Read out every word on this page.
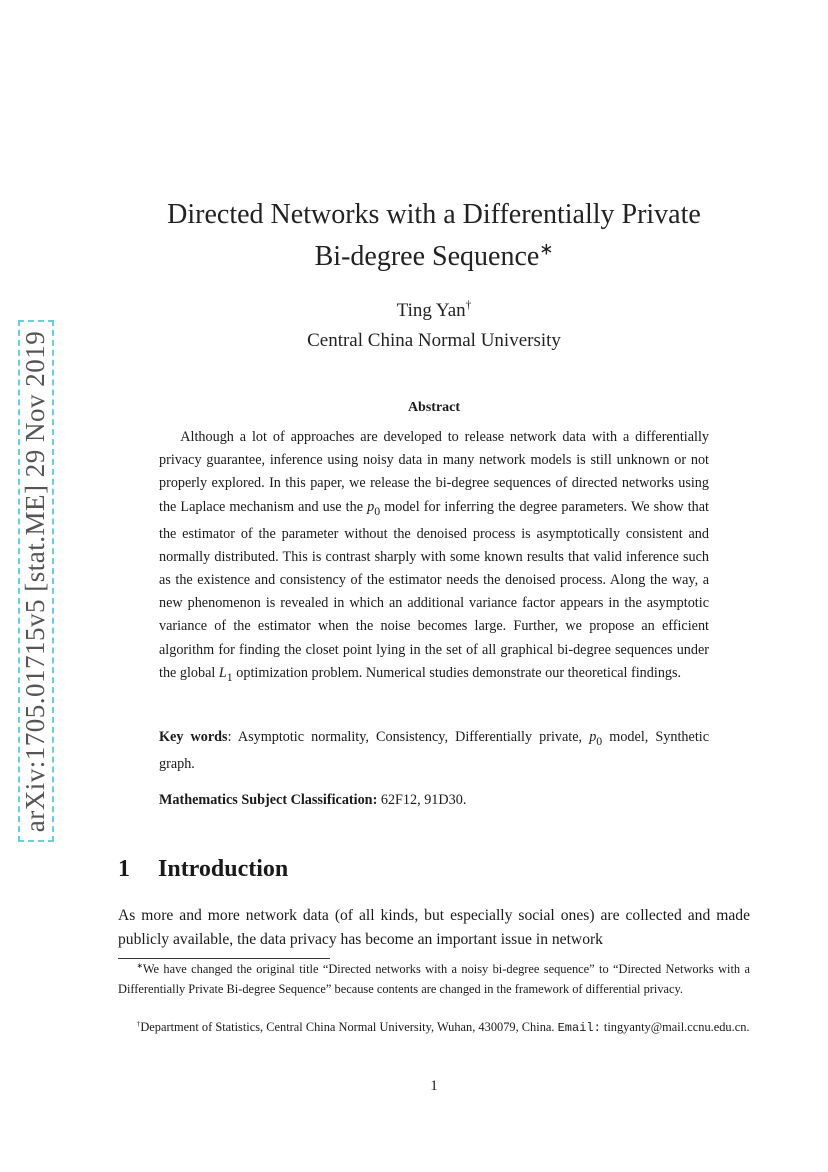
arXiv:1705.01715v5 [stat.ME] 29 Nov 2019
Directed Networks with a Differentially Private
Bi-degree Sequence∗
Ting Yan†
Central China Normal University
Abstract

  Although a lot of approaches are developed to release network data with a differentially privacy guarantee, inference using noisy data in many network models is still unknown or not properly explored. In this paper, we release the bi-degree sequences of directed networks using the Laplace mechanism and use the $p_0$ model for inferring the degree parameters. We show that the estimator of the parameter without the denoised process is asymptotically consistent and normally distributed. This is contrast sharply with some known results that valid inference such as the existence and consistency of the estimator needs the denoised process. Along the way, a new phenomenon is revealed in which an additional variance factor appears in the asymptotic variance of the estimator when the noise becomes large. Further, we propose an efficient algorithm for finding the closet point lying in the set of all graphical bi-degree sequences under the global $L_1$ optimization problem. Numerical studies demonstrate our theoretical findings.

Key words: Asymptotic normality, Consistency, Differentially private, $p_0$ model, Synthetic graph.

Mathematics Subject Classification: 62F12, 91D30.

1 Introduction

As more and more network data (of all kinds, but especially social ones) are collected and made publicly available, the data privacy has become an important issue in network

  ∗We have changed the original title “Directed networks with a noisy bi-degree sequence” to “Directed Networks with a Differentially Private Bi-degree Sequence” because contents are changed in the framework of differential privacy.

  †Department of Statistics, Central China Normal University, Wuhan, 430079, China. Email: tingyanty@mail.ccnu.edu.cn.

1
